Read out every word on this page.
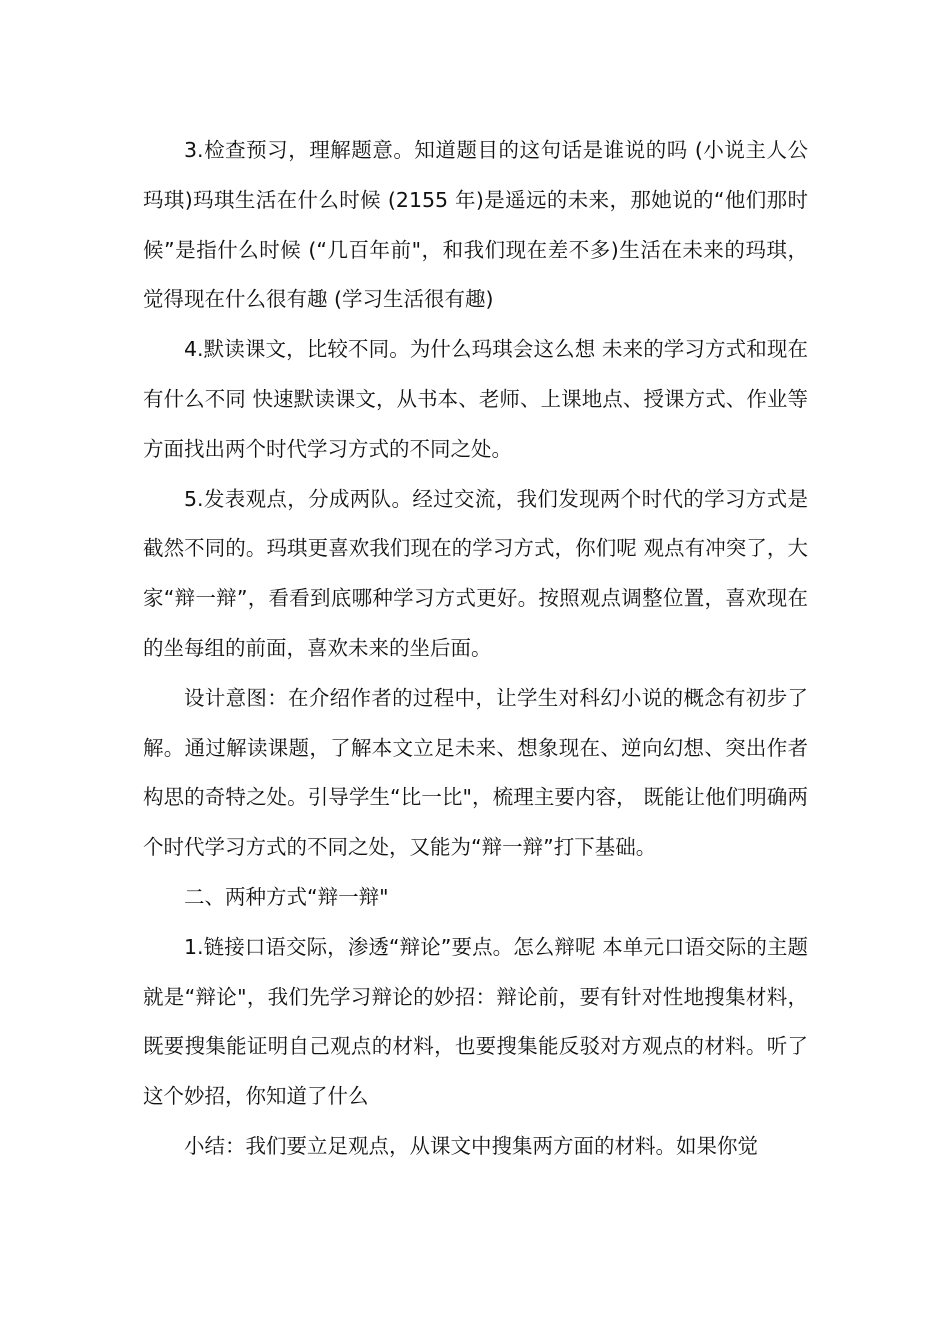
3.检查预习，理解题意。知道题目的这句话是谁说的吗 (小说主人公玛琪)玛琪生活在什么时候 (2155 年)是遥远的未来，那她说的“他们那时候”是指什么时候 (“几百年前"，和我们现在差不多)生活在未来的玛琪，觉得现在什么很有趣 (学习生活很有趣)

4.默读课文，比较不同。为什么玛琪会这么想 未来的学习方式和现在有什么不同 快速默读课文，从书本、老师、上课地点、授课方式、作业等方面找出两个时代学习方式的不同之处。

5.发表观点，分成两队。经过交流，我们发现两个时代的学习方式是截然不同的。玛琪更喜欢我们现在的学习方式，你们呢 观点有冲突了，大家“辩一辩”，看看到底哪种学习方式更好。按照观点调整位置，喜欢现在的坐每组的前面，喜欢未来的坐后面。

设计意图：在介绍作者的过程中，让学生对科幻小说的概念有初步了解。通过解读课题，了解本文立足未来、想象现在、逆向幻想、突出作者构思的奇特之处。引导学生“比一比"，梳理主要内容， 既能让他们明确两个时代学习方式的不同之处，又能为“辩一辩”打下基础。

二、两种方式“辩一辩"

1.链接口语交际，渗透“辩论”要点。怎么辩呢 本单元口语交际的主题就是“辩论"，我们先学习辩论的妙招：辩论前，要有针对性地搜集材料，既要搜集能证明自己观点的材料，也要搜集能反驳对方观点的材料。听了这个妙招，你知道了什么

小结：我们要立足观点，从课文中搜集两方面的材料。如果你觉
